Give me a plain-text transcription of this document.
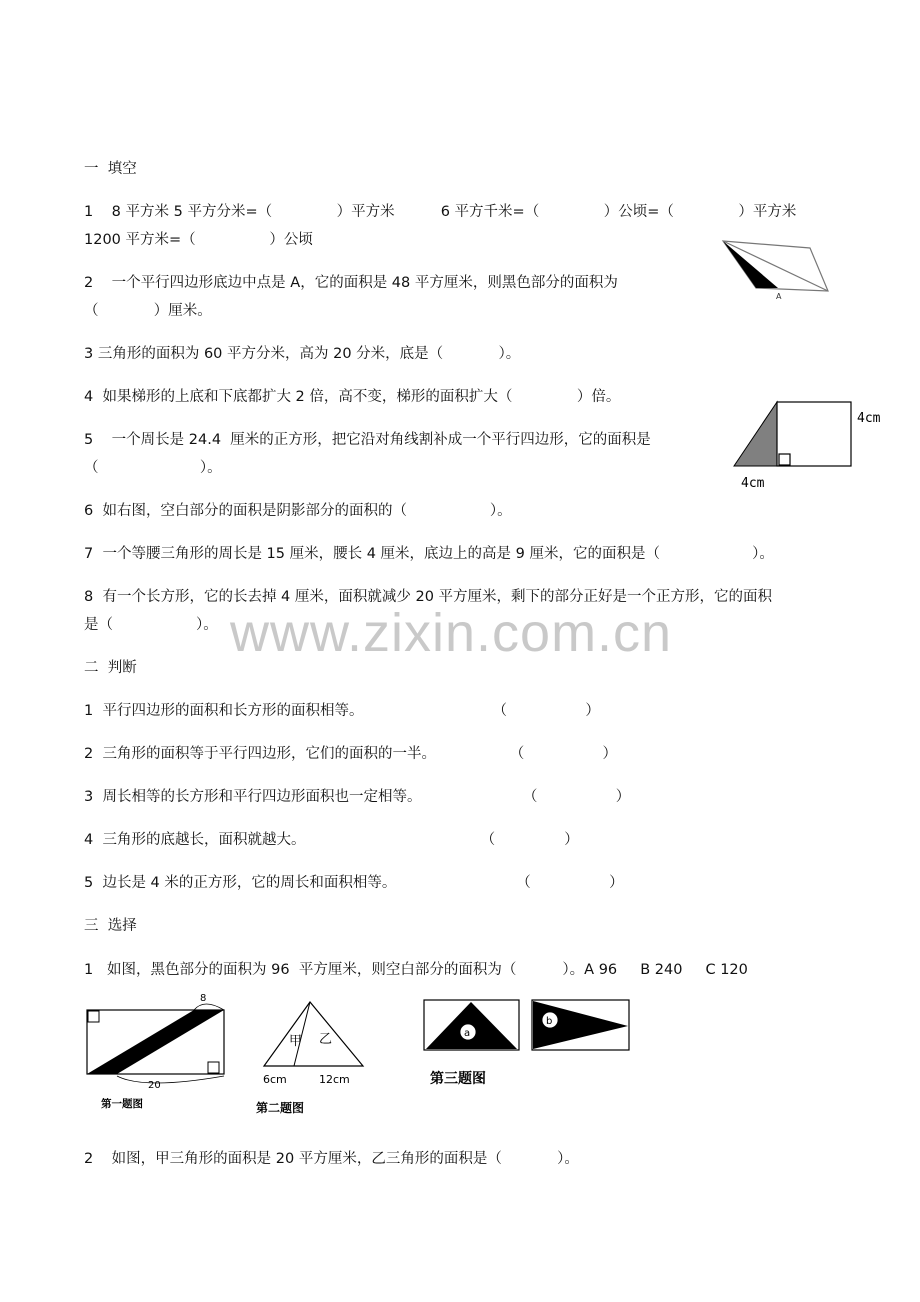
www.zixin.com.cn
一  填空
1    8 平方米 5 平方分米=（              ）平方米          6 平方千米=（              ）公顷=（              ）平方米
1200 平方米=（                ）公顷
2    一个平行四边形底边中点是 A，它的面积是 48 平方厘米，则黑色部分的面积为
（            ）厘米。
3 三角形的面积为 60 平方分米，高为 20 分米，底是（            ）。
4  如果梯形的上底和下底都扩大 2 倍，高不变，梯形的面积扩大（              ）倍。
5    一个周长是 24.4  厘米的正方形，把它沿对角线割补成一个平行四边形，它的面积是
（                      ）。
6  如右图，空白部分的面积是阴影部分的面积的（                  ）。
7  一个等腰三角形的周长是 15 厘米，腰长 4 厘米，底边上的高是 9 厘米，它的面积是（                    ）。
8  有一个长方形，它的长去掉 4 厘米，面积就减少 20 平方厘米，剩下的部分正好是一个正方形，它的面积
是（                  ）。
二  判断
1  平行四边形的面积和长方形的面积相等。                            （                 ）
2  三角形的面积等于平行四边形，它们的面积的一半。                （                 ）
3  周长相等的长方形和平行四边形面积也一定相等。                      （                 ）
4  三角形的底越长，面积就越大。                                      （               ）
5  边长是 4 米的正方形，它的周长和面积相等。                          （                 ）
三  选择
1   如图，黑色部分的面积为 96  平方厘米，则空白部分的面积为（          ）。A 96     B 240     C 120
2    如图，甲三角形的面积是 20 平方厘米，乙三角形的面积是（            ）。
A
4cm
4cm
8
20
第一题图
甲 乙
6cm	12cm
第二题图
a
b
第三题图
